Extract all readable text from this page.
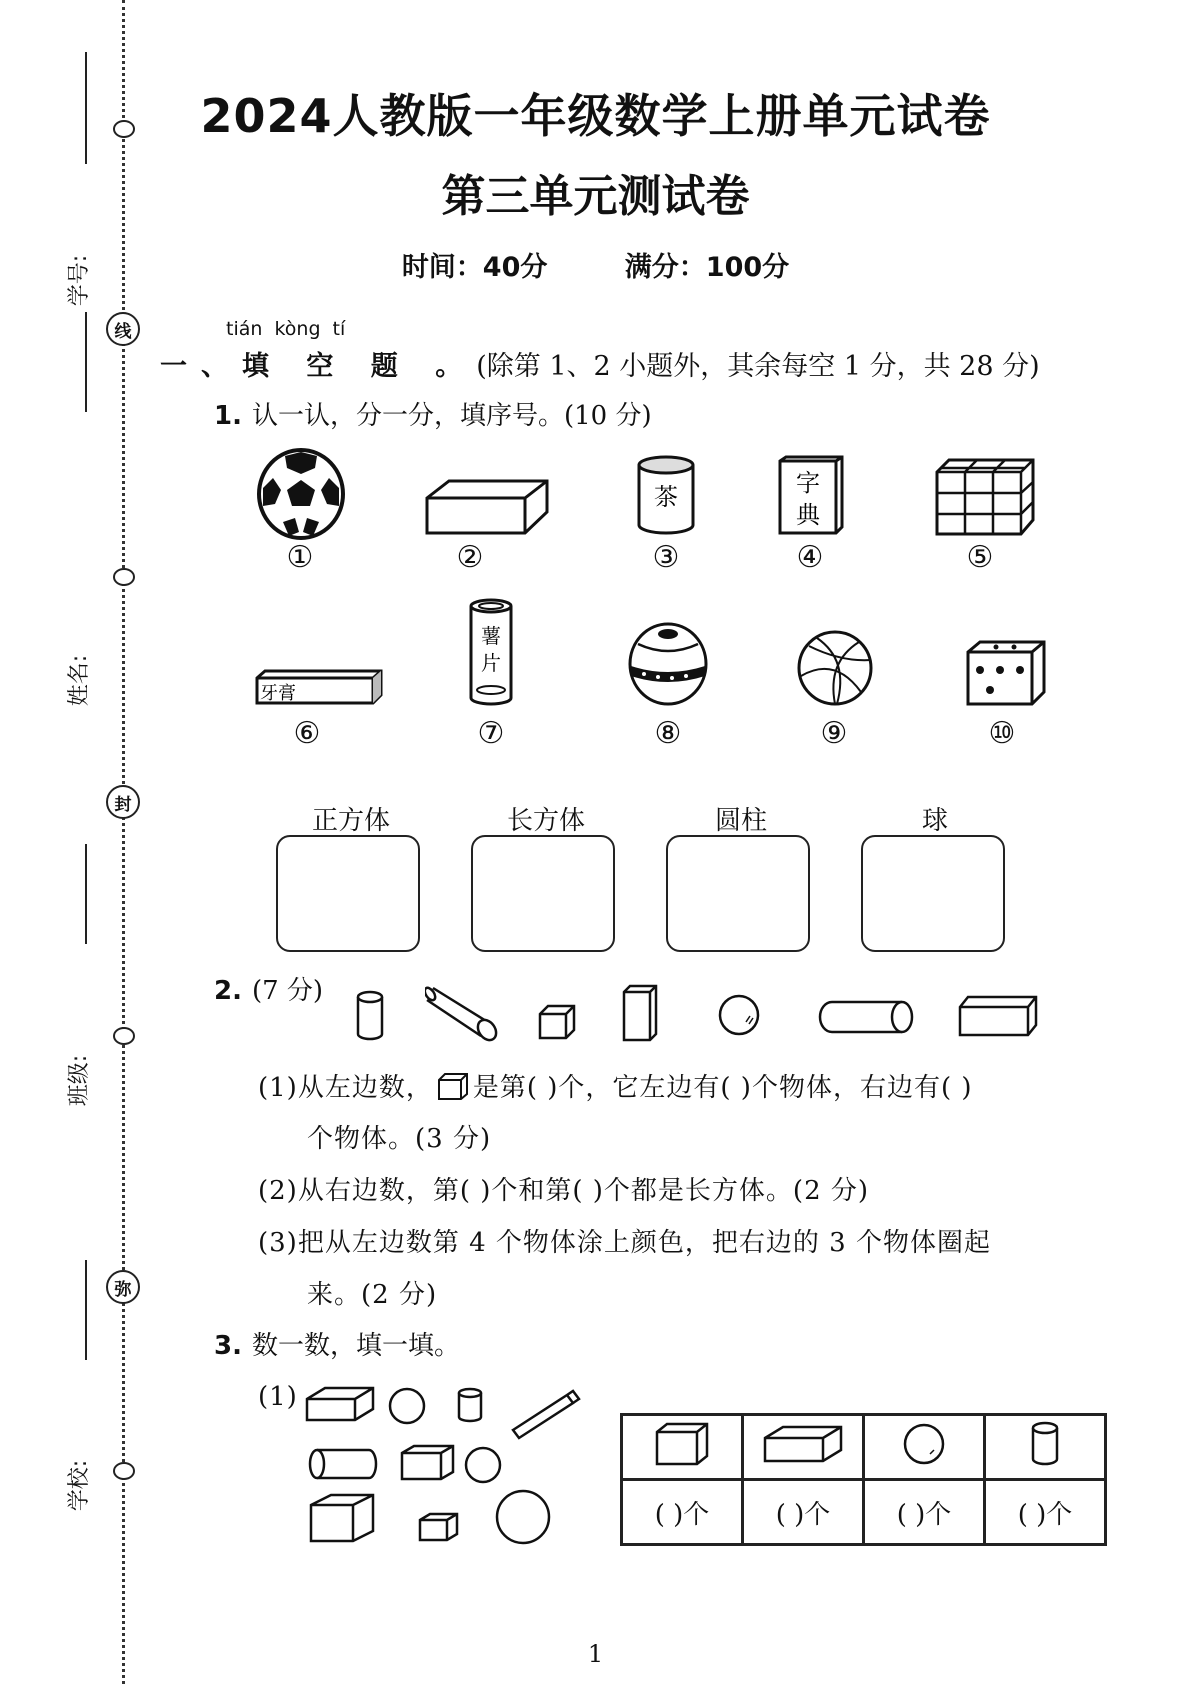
线
封
弥
学号:
姓名:
班级:
学校:
2024人教版一年级数学上册单元试卷
第三单元测试卷
时间：40分	满分：100分
tián kòng tí
一、填 空 题 。(除第 1、2 小题外，其余每空 1 分，共 28 分)
1. 认一认，分一分，填序号。(10 分)
茶	字
典
①	②	③	④	⑤
牙膏
薯
片
⑥	⑦	⑧	⑨	⑩
正方体	长方体	圆柱	球
2. (7 分)
(1)从左边数， 是第( )个，它左边有( )个物体，右边有( )
个物体。(3 分)
(2)从右边数，第( )个和第( )个都是长方体。(2 分)
(3)把从左边数第 4 个物体涂上颜色，把右边的 3 个物体圈起
来。(2 分)
3. 数一数，填一填。
(1)

( )个	( )个	( )个	( )个
1
